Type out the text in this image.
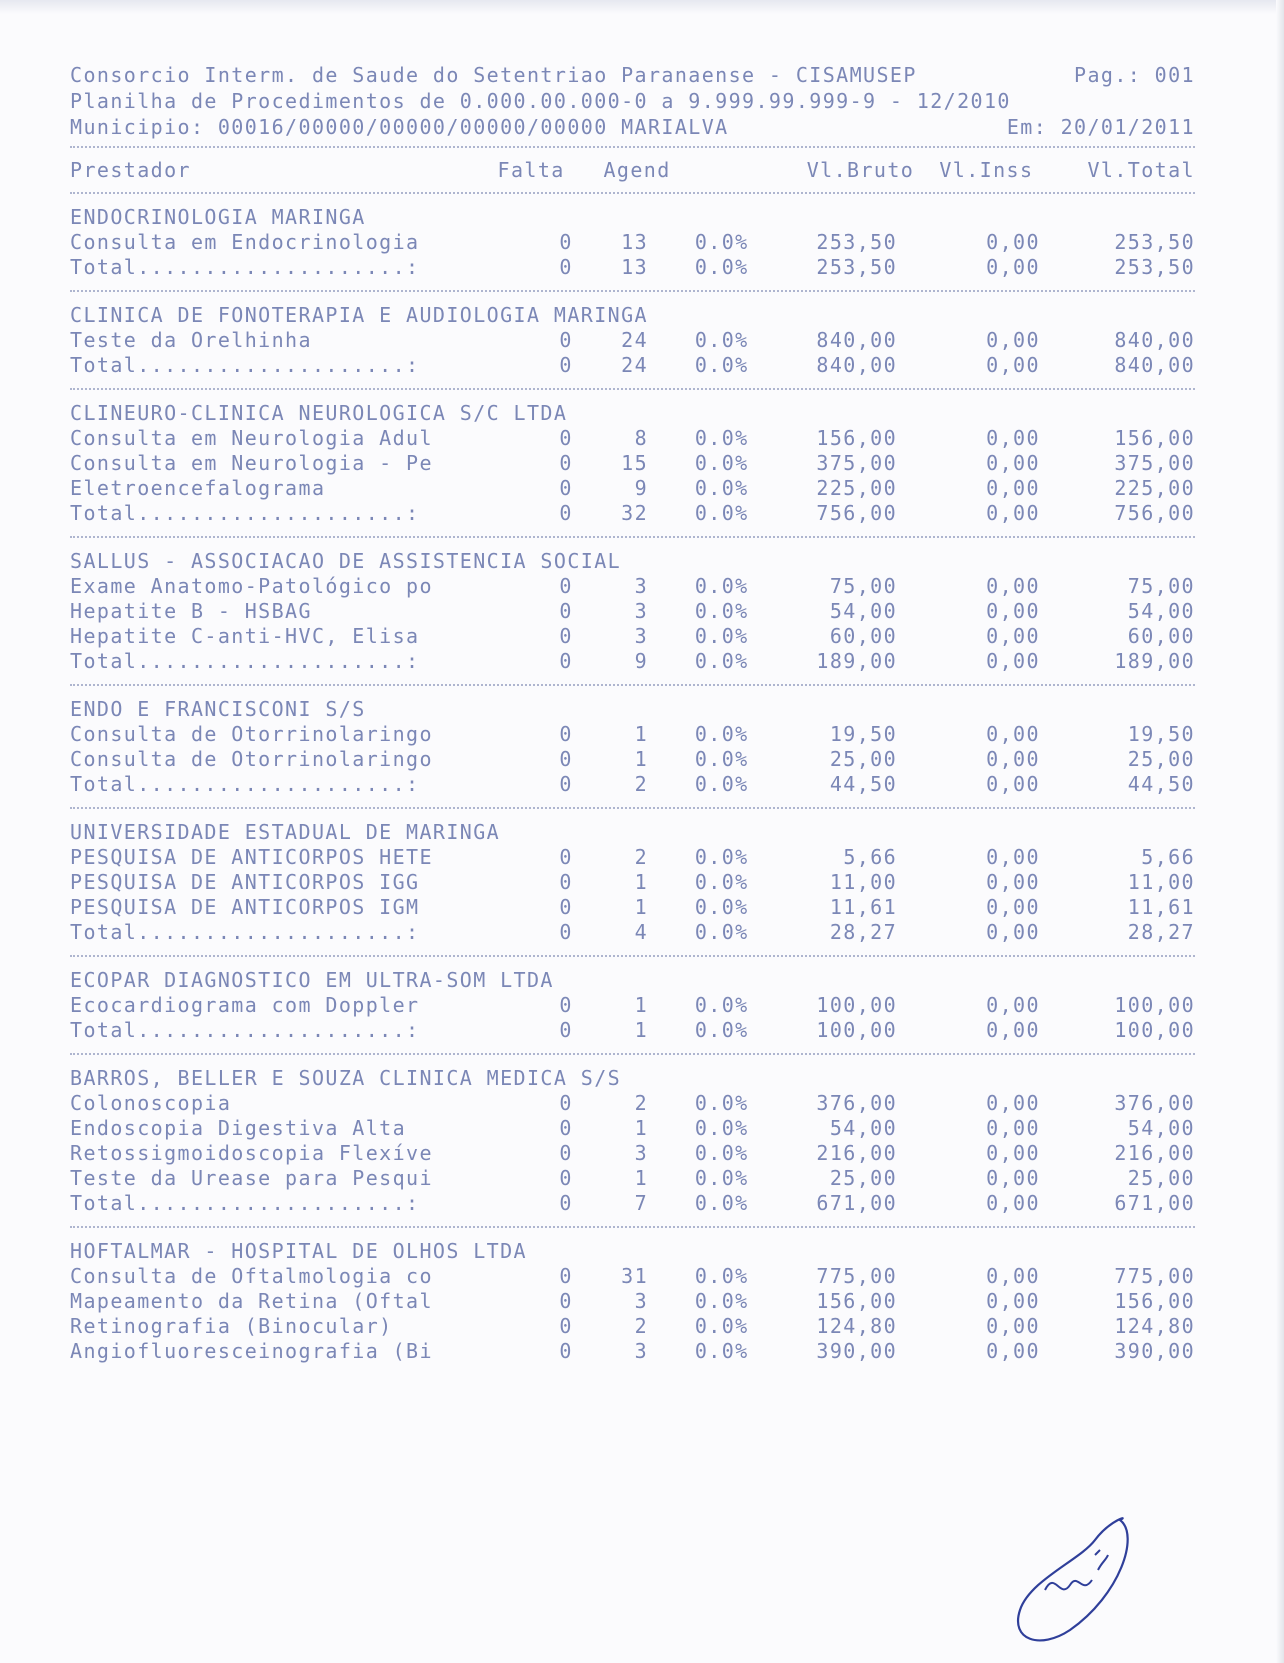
Consorcio Interm. de Saude do Setentriao Paranaense - CISAMUSEP	Pag.: 001
Planilha de Procedimentos de 0.000.00.000-0 a 9.999.99.999-9 - 12/2010
Municipio: 00016/00000/00000/00000/00000 MARIALVA	Em: 20/01/2011
Prestador	Falta	Agend	Vl.Bruto	Vl.Inss	Vl.Total
ENDOCRINOLOGIA MARINGA
Consulta em Endocrinologia	0	13	0.0%	253,50	0,00	253,50
Total....................:	0	13	0.0%	253,50	0,00	253,50
CLINICA DE FONOTERAPIA E AUDIOLOGIA MARINGA
Teste da Orelhinha	0	24	0.0%	840,00	0,00	840,00
Total....................:	0	24	0.0%	840,00	0,00	840,00
CLINEURO-CLINICA NEUROLOGICA S/C LTDA
Consulta em Neurologia Adul	0	8	0.0%	156,00	0,00	156,00
Consulta em Neurologia - Pe	0	15	0.0%	375,00	0,00	375,00
Eletroencefalograma	0	9	0.0%	225,00	0,00	225,00
Total....................:	0	32	0.0%	756,00	0,00	756,00
SALLUS - ASSOCIACAO DE ASSISTENCIA SOCIAL
Exame Anatomo-Patológico po	0	3	0.0%	75,00	0,00	75,00
Hepatite B - HSBAG	0	3	0.0%	54,00	0,00	54,00
Hepatite C-anti-HVC, Elisa	0	3	0.0%	60,00	0,00	60,00
Total....................:	0	9	0.0%	189,00	0,00	189,00
ENDO E FRANCISCONI S/S
Consulta de Otorrinolaringo	0	1	0.0%	19,50	0,00	19,50
Consulta de Otorrinolaringo	0	1	0.0%	25,00	0,00	25,00
Total....................:	0	2	0.0%	44,50	0,00	44,50
UNIVERSIDADE ESTADUAL DE MARINGA
PESQUISA DE ANTICORPOS HETE	0	2	0.0%	5,66	0,00	5,66
PESQUISA DE ANTICORPOS IGG	0	1	0.0%	11,00	0,00	11,00
PESQUISA DE ANTICORPOS IGM	0	1	0.0%	11,61	0,00	11,61
Total....................:	0	4	0.0%	28,27	0,00	28,27
ECOPAR DIAGNOSTICO EM ULTRA-SOM LTDA
Ecocardiograma com Doppler	0	1	0.0%	100,00	0,00	100,00
Total....................:	0	1	0.0%	100,00	0,00	100,00
BARROS, BELLER E SOUZA CLINICA MEDICA S/S
Colonoscopia	0	2	0.0%	376,00	0,00	376,00
Endoscopia Digestiva Alta	0	1	0.0%	54,00	0,00	54,00
Retossigmoidoscopia Flexíve	0	3	0.0%	216,00	0,00	216,00
Teste da Urease para Pesqui	0	1	0.0%	25,00	0,00	25,00
Total....................:	0	7	0.0%	671,00	0,00	671,00
HOFTALMAR - HOSPITAL DE OLHOS LTDA
Consulta de Oftalmologia co	0	31	0.0%	775,00	0,00	775,00
Mapeamento da Retina (Oftal	0	3	0.0%	156,00	0,00	156,00
Retinografia (Binocular)	0	2	0.0%	124,80	0,00	124,80
Angiofluoresceinografia (Bi	0	3	0.0%	390,00	0,00	390,00
